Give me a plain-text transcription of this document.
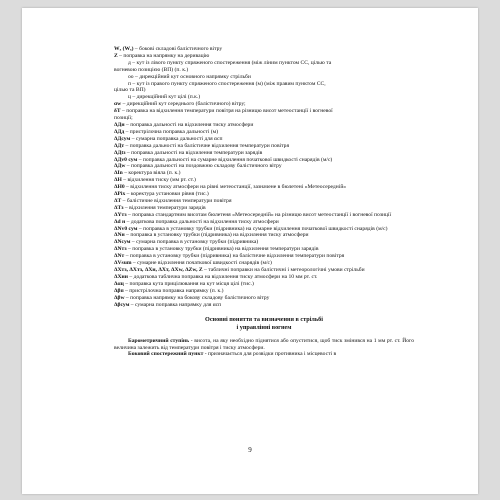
Wₓ (Wₓ) – бокові складові балістичного вітру
Z – поправка на напрямку на деривацію
д – кут із лівого пункту спряженого спостереження (між ліним пунктом СС, цілью та
вогневою позицією (ВП) (п. к.)
оо – дирекційний кут основного напрямку стрільби
п – кут із правого пункту спряженого спостереження (м) (між правим пунктом СС,
цілью та ВП)
ц – дирекційний кут цілі (п.к.)
αw – дирекційний кут середнього (балістичного) вітру;
δT – поправка на відхилення температури повітря на різницю висот метеостанції і вогневої
позиції;
ΔДн – поправка дальності на відхилення тиску атмосфери
ΔДд – пристрілочна поправка дальності (м)
ΔДсум – сумарна поправка дальності для αсп
ΔДт – поправка дальності на балістичне відхилення температури повітря
ΔДtз – поправка дальності на відхилення температури зарядів
ΔДv0 сум – поправка дальності на сумарне відхилення початкової швидкості снарядів (м/с)
ΔДw – поправка дальності на поздовжню складову балістичного вітру
ΔIn – коректура віяла (п. к.)
ΔH – відхилення тиску (мм рт. ст.)
ΔН0 – відхилення тиску атмосфери на рівні метеостанції, зазначене в бюлетені «Метеосередній»
ΔPix – коректура установки рівня (тис.)
ΔT – балістичне відхилення температури повітря
ΔTз – відхилення температури зарядів
ΔYтз – поправка стандартним висотам бюлетеня «Метеосередній» на різницю висот метеостанції і вогневої позиції
Δd н – додаткова поправка дальності на відхилення тиску атмосфери
ΔNv0 сум – поправка в установку трубки (підривника) на сумарне відхилення початкової швидкості снарядів (м/с)
ΔNн – поправка в установку трубки (підривника) на відхилення тиску атмосфери
ΔNсум – сумарна поправка в установку трубки (підривника)
ΔNтз – поправка в установку трубки (підривника) на відхилення температури зарядів
ΔNт – поправка в установку трубки (підривника) на балістичне відхилення температури повітря
ΔVsum – сумарне відхилення початкової швидкості снарядів (м/с)
ΔXтз, ΔXтз, ΔXн, ΔXт, ΔXw, ΔZw, Z – табличні поправки на балістичні і метеорологічні умови стрільби
ΔXнн – додаткова таблична поправка на відхилення тиску атмосфери на 10 мм рт. ст.
Δαц – поправка кута прицілювання на кут місця цілі (тис.)
Δβп – пристрілочна поправка напрямку (п. к.)
Δβw – поправка напрямку на бокову складову балістичного вітру
Δβсум – сумарна поправка напрямку для αсп
Основні поняття та визначення в стрільбі
і управлінні вогнем
Барометричний ступінь - висота, на яку необхідно піднятися або опуститися, щоб тиск змінився на 1 мм рт. ст. Його величина залежить від температури повітря і тиску атмосфери.
Боковий спостережний пункт - призначається для розвідки противника і місцевості в
9
